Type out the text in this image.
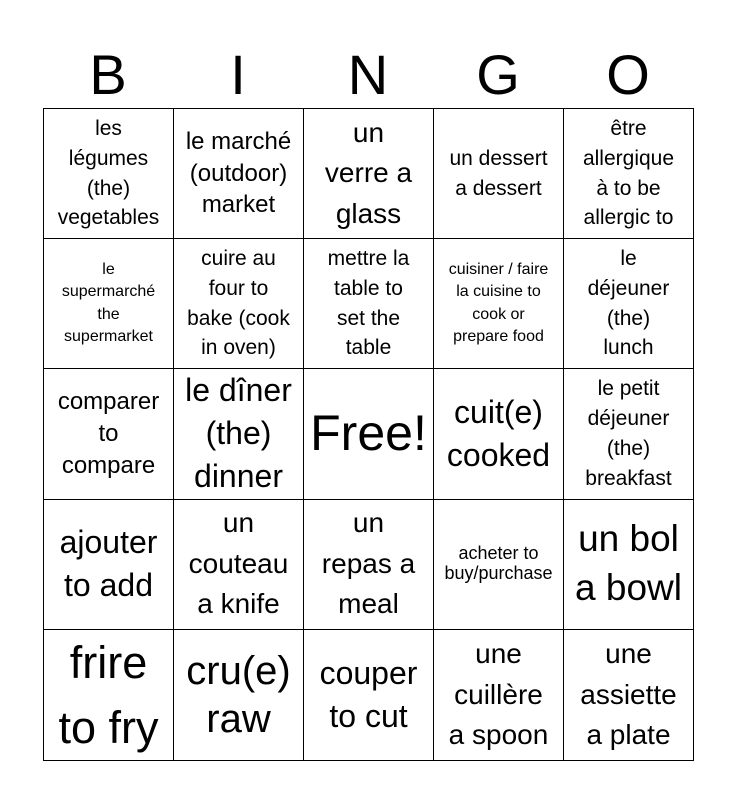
B	I	N	G	O
les
légumes
(the)
vegetables	le marché
(outdoor)
market	un
verre a
glass	un dessert
a dessert	être
allergique
à to be
allergic to

le
supermarché
the
supermarket	cuire au
four to
bake (cook
in oven)	mettre la
table to
set the
table	cuisiner / faire
la cuisine to
cook or
prepare food	le
déjeuner
(the)
lunch

comparer
to
compare	le dîner
(the)
dinner	Free!	cuit(e)
cooked	le petit
déjeuner
(the)
breakfast

ajouter
to add	un
couteau
a knife	un
repas a
meal	acheter to
buy/purchase	un bol
a bowl

frire
to fry	cru(e)
raw	couper
to cut	une
cuillère
a spoon	une
assiette
a plate
